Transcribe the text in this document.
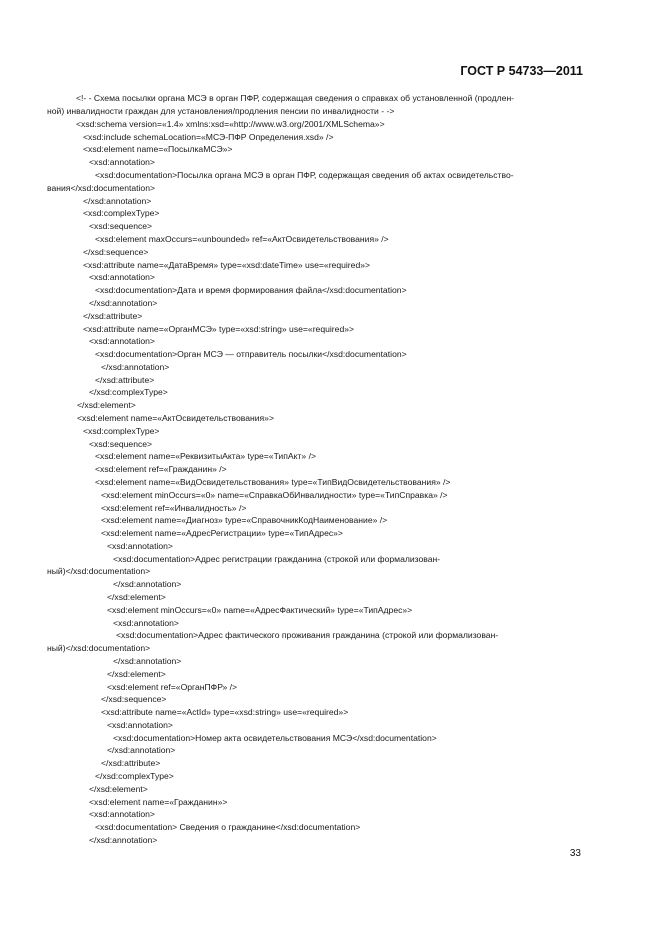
ГОСТ Р 54733—2011
<!- - Схема посылки органа МСЭ в орган ПФР, содержащая сведения о справках об установленной (продлен-
ной) инвалидности граждан для установления/продления пенсии по инвалидности - ->
<xsd:schema version=«1.4» xmlns:xsd=«http://www.w3.org/2001/XMLSchema»>
<xsd:include schemaLocation=«МСЭ-ПФР Определения.xsd» />
<xsd:element name=«ПосылкаМСЭ»>
<xsd:annotation>
<xsd:documentation>Посылка органа МСЭ в орган ПФР, содержащая сведения об актах освидетельство-
вания</xsd:documentation>
</xsd:annotation>
<xsd:complexType>
<xsd:sequence>
<xsd:element maxOccurs=«unbounded» ref=«АктОсвидетельствования» />
</xsd:sequence>
<xsd:attribute name=«ДатаВремя» type=«xsd:dateTime» use=«required»>
<xsd:annotation>
<xsd:documentation>Дата и время формирования файла</xsd:documentation>
</xsd:annotation>
</xsd:attribute>
<xsd:attribute name=«ОрганМСЭ» type=«xsd:string» use=«required»>
<xsd:annotation>
<xsd:documentation>Орган МСЭ — отправитель посылки</xsd:documentation>
</xsd:annotation>
</xsd:attribute>
</xsd:complexType>
</xsd:element>
<xsd:element name=«АктОсвидетельствования»>
<xsd:complexType>
<xsd:sequence>
<xsd:element name=«РеквизитыАкта» type=«ТипАкт» />
<xsd:element ref=«Гражданин» />
<xsd:element name=«ВидОсвидетельствования» type=«ТипВидОсвидетельствования» />
<xsd:element minOccurs=«0» name=«СправкаОбИнвалидности» type=«ТипСправка» />
<xsd:element ref=«Инвалидность» />
<xsd:element name=«Диагноз» type=«СправочникКодНаименование» />
<xsd:element name=«АдресРегистрации» type=«ТипАдрес»>
<xsd:annotation>
<xsd:documentation>Адрес регистрации гражданина (строкой или формализован-
ный)</xsd:documentation>
</xsd:annotation>
</xsd:element>
<xsd:element minOccurs=«0» name=«АдресФактический» type=«ТипАдрес»>
<xsd:annotation>
<xsd:documentation>Адрес фактического проживания гражданина (строкой или формализован-
ный)</xsd:documentation>
</xsd:annotation>
</xsd:element>
<xsd:element ref=«ОрганПФР» />
</xsd:sequence>
<xsd:attribute name=«ActId» type=«xsd:string» use=«required»>
<xsd:annotation>
<xsd:documentation>Номер акта освидетельствования МСЭ</xsd:documentation>
</xsd:annotation>
</xsd:attribute>
</xsd:complexType>
</xsd:element>
<xsd:element name=«Гражданин»>
<xsd:annotation>
<xsd:documentation> Сведения о гражданине</xsd:documentation>
</xsd:annotation>
33
